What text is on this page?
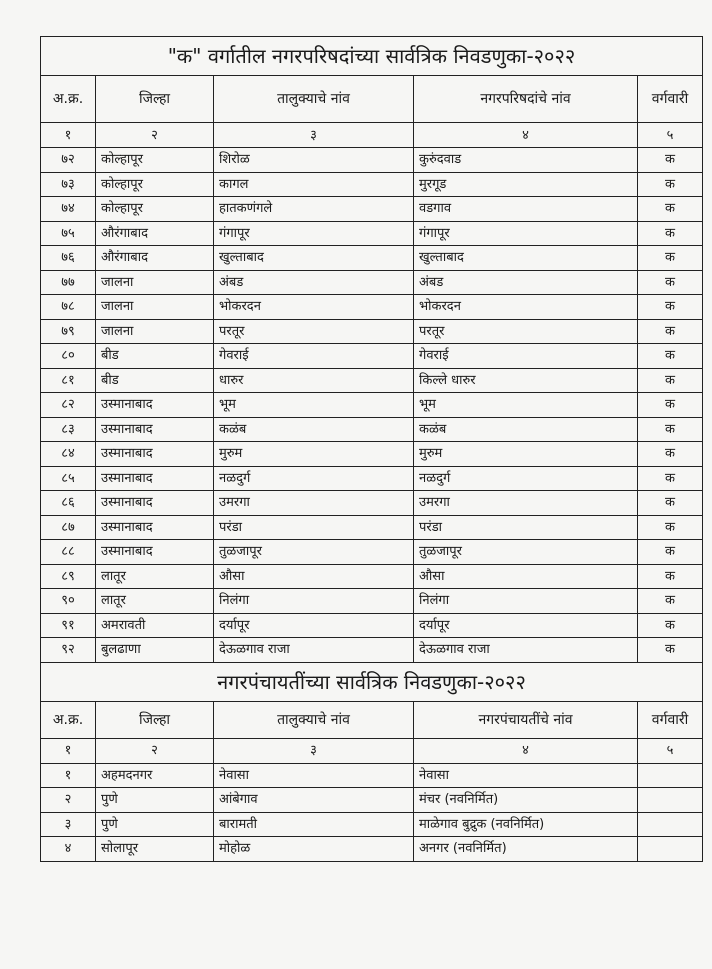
"क" वर्गातील नगरपरिषदांच्या सार्वत्रिक निवडणुका-२०२२				
अ.क्र.	जिल्हा	तालुक्याचे नांव	नगरपरिषदांचे नांव	वर्गवारी
१	२	३	४	५
७२	कोल्हापूर	शिरोळ	कुरुंदवाड	क
७३	कोल्हापूर	कागल	मुरगूड	क
७४	कोल्हापूर	हातकणंगले	वडगाव	क
७५	औरंगाबाद	गंगापूर	गंगापूर	क
७६	औरंगाबाद	खुल्ताबाद	खुल्ताबाद	क
७७	जालना	अंबड	अंबड	क
७८	जालना	भोकरदन	भोकरदन	क
७९	जालना	परतूर	परतूर	क
८०	बीड	गेवराई	गेवराई	क
८१	बीड	धारुर	किल्ले धारुर	क
८२	उस्मानाबाद	भूम	भूम	क
८३	उस्मानाबाद	कळंब	कळंब	क
८४	उस्मानाबाद	मुरुम	मुरुम	क
८५	उस्मानाबाद	नळदुर्ग	नळदुर्ग	क
८६	उस्मानाबाद	उमरगा	उमरगा	क
८७	उस्मानाबाद	परंडा	परंडा	क
८८	उस्मानाबाद	तुळजापूर	तुळजापूर	क
८९	लातूर	औसा	औसा	क
९०	लातूर	निलंगा	निलंगा	क
९१	अमरावती	दर्यापूर	दर्यापूर	क
९२	बुलढाणा	देऊळगाव राजा	देऊळगाव राजा	क
नगरपंचायतींच्या सार्वत्रिक निवडणुका-२०२२				
अ.क्र.	जिल्हा	तालुक्याचे नांव	नगरपंचायतींचे नांव	वर्गवारी
१	२	३	४	५
१	अहमदनगर	नेवासा	नेवासा	
२	पुणे	आंबेगाव	मंचर (नवनिर्मित)	
३	पुणे	बारामती	माळेगाव बुद्रुक (नवनिर्मित)	
४	सोलापूर	मोहोळ	अनगर (नवनिर्मित)	
